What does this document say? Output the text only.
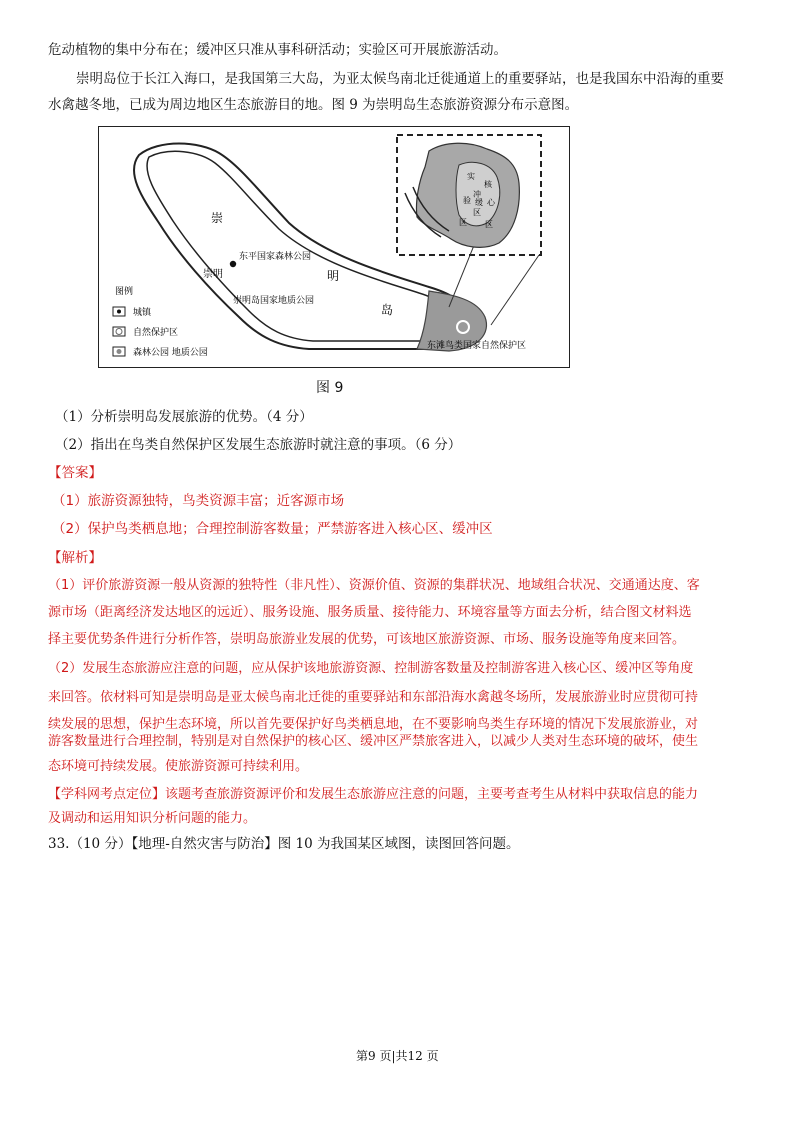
危动植物的集中分布在；缓冲区只准从事科研活动；实验区可开展旅游活动。
崇明岛位于长江入海口，是我国第三大岛，为亚太候鸟南北迁徙通道上的重要驿站，也是我国东中沿海的重要
水禽越冬地，已成为周边地区生态旅游目的地。图 9 为崇明岛生态旅游资源分布示意图。
实
核
验 缓 心
区 区
冲
区
崇
明
岛
崇明
东平国家森林公园
崇明岛国家地质公园
东滩鸟类国家自然保护区
图例
城镇
自然保护区
森林公园 地质公园
图 9
（1）分析崇明岛发展旅游的优势。（4 分）
（2）指出在鸟类自然保护区发展生态旅游时就注意的事项。（6 分）
【答案】
（1）旅游资源独特，鸟类资源丰富；近客源市场
（2）保护鸟类栖息地；合理控制游客数量；严禁游客进入核心区、缓冲区
【解析】
（1）评价旅游资源一般从资源的独特性（非凡性）、资源价值、资源的集群状况、地域组合状况、交通通达度、客
源市场（距离经济发达地区的远近）、服务设施、服务质量、接待能力、环境容量等方面去分析，结合图文材料选
择主要优势条件进行分析作答，崇明岛旅游业发展的优势，可该地区旅游资源、市场、服务设施等角度来回答。
（2）发展生态旅游应注意的问题，应从保护该地旅游资源、控制游客数量及控制游客进入核心区、缓冲区等角度
来回答。依材料可知是崇明岛是亚太候鸟南北迁徙的重要驿站和东部沿海水禽越冬场所，发展旅游业时应贯彻可持
续发展的思想，保护生态环境，所以首先要保护好鸟类栖息地，在不要影响鸟类生存环境的情况下发展旅游业，对
游客数量进行合理控制，特别是对自然保护的核心区、缓冲区严禁旅客进入，以减少人类对生态环境的破坏，使生
态环境可持续发展。使旅游资源可持续利用。
【学科网考点定位】该题考查旅游资源评价和发展生态旅游应注意的问题，主要考查考生从材料中获取信息的能力
及调动和运用知识分析问题的能力。
33.（10 分）【地理-自然灾害与防治】图 10 为我国某区域图，读图回答问题。
第9 页|共12 页
